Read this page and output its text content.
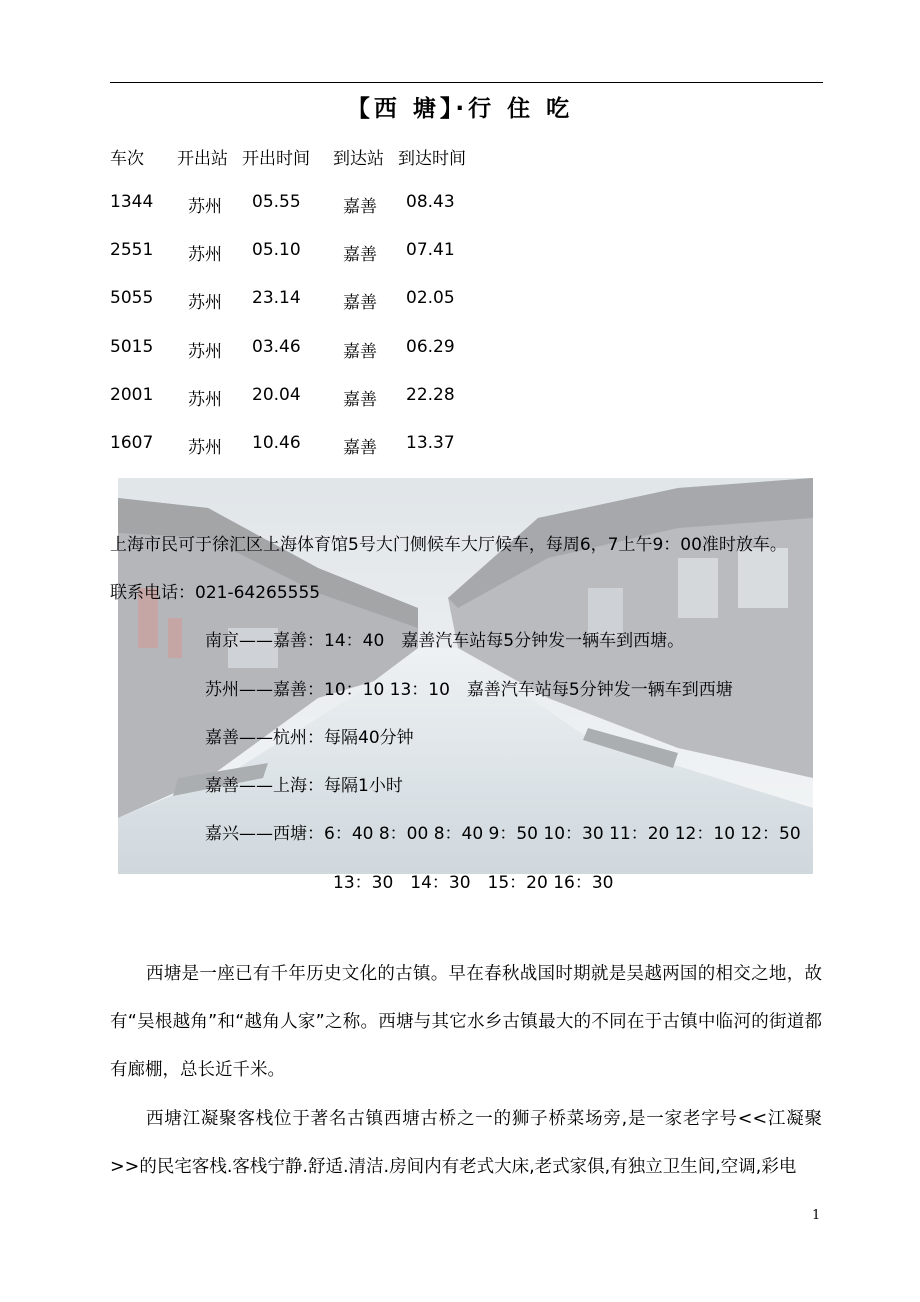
【西 塘】·行 住 吃
车次 开出站 开出时间 到达站 到达时间
1344 苏州 05.55 嘉善 08.43
2551 苏州 05.10 嘉善 07.41
5055 苏州 23.14 嘉善 02.05
5015 苏州 03.46 嘉善 06.29
2001 苏州 20.04 嘉善 22.28
1607 苏州 10.46 嘉善 13.37
上海市民可于徐汇区上海体育馆5号大门侧候车大厅候车，每周6，7上午9：00准时放车。
联系电话：021-64265555
南京——嘉善：14：40　嘉善汽车站每5分钟发一辆车到西塘。
苏州——嘉善：10：10 13：10　嘉善汽车站每5分钟发一辆车到西塘
嘉善——杭州：每隔40分钟
嘉善——上海：每隔1小时
嘉兴——西塘：6：40 8：00 8：40 9：50 10：30 11：20 12：10 12：50
13：30　14：30　15：20 16：30

西塘是一座已有千年历史文化的古镇。早在春秋战国时期就是吴越两国的相交之地，故有“吴根越角”和“越角人家”之称。西塘与其它水乡古镇最大的不同在于古镇中临河的街道都有廊棚，总长近千米。

西塘江凝聚客栈位于著名古镇西塘古桥之一的狮子桥菜场旁,是一家老字号<<江凝聚>>的民宅客栈.客栈宁静.舒适.清洁.房间内有老式大床,老式家俱,有独立卫生间,空调,彩电

1
